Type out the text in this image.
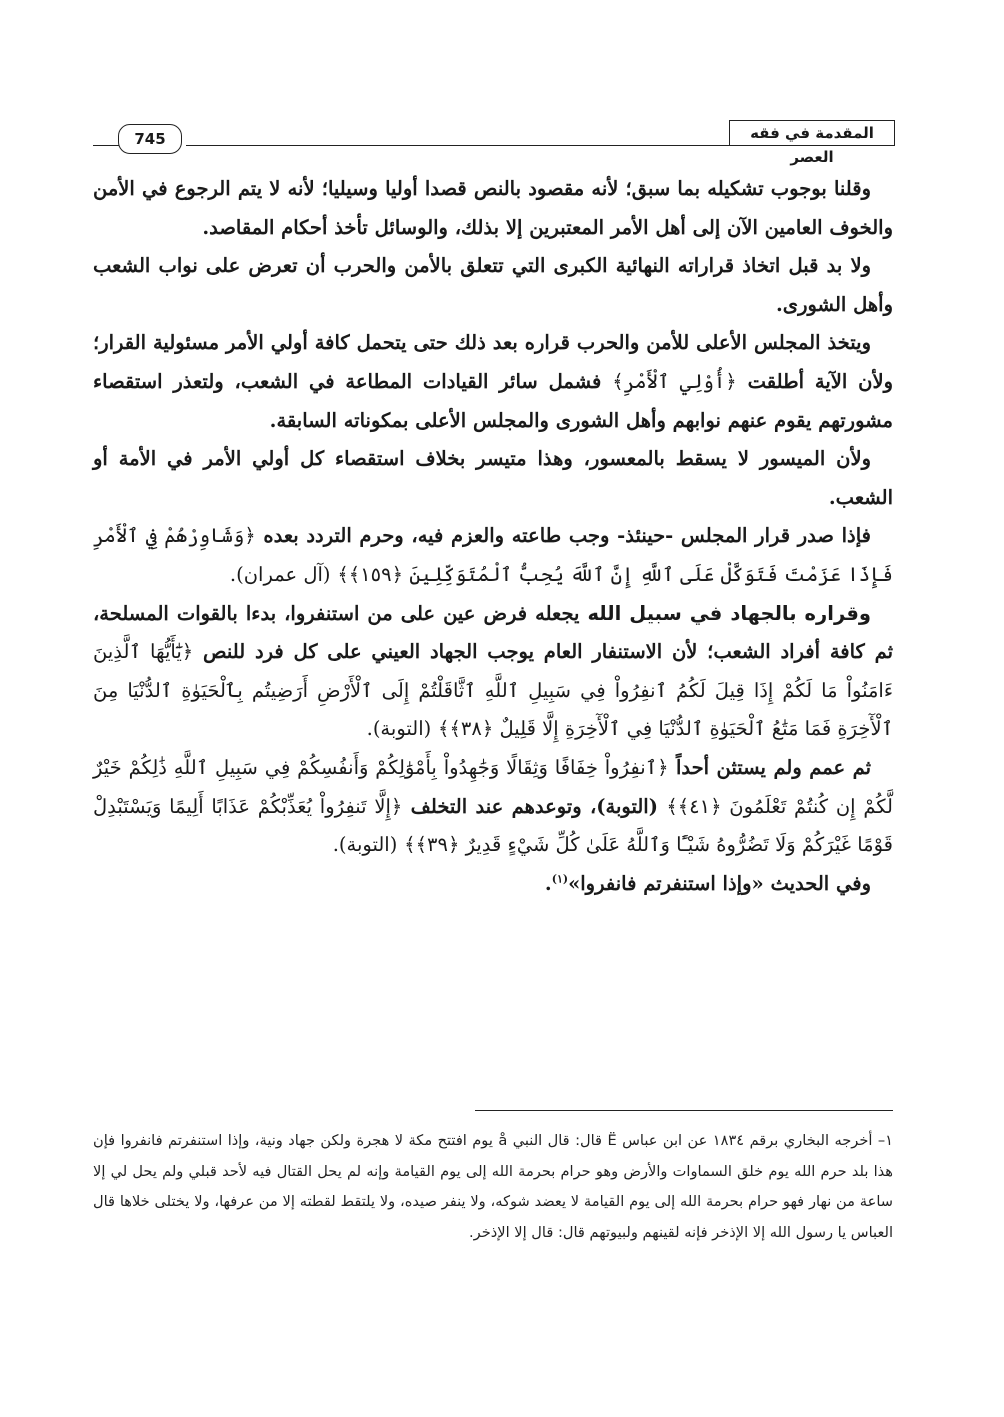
745	المقدمة في فقه العصر

وقلنا بوجوب تشكيله بما سبق؛ لأنه مقصود بالنص قصدا أوليا وسيليا؛ لأنه لا يتم الرجوع في الأمن والخوف العامين الآن إلى أهل الأمر المعتبرين إلا بذلك، والوسائل تأخذ أحكام المقاصد.

ولا بد قبل اتخاذ قراراته النهائية الكبرى التي تتعلق بالأمن والحرب أن تعرض على نواب الشعب وأهل الشورى.

ويتخذ المجلس الأعلى للأمن والحرب قراره بعد ذلك حتى يتحمل كافة أولي الأمر مسئولية القرار؛ ولأن الآية أطلقت ﴿أُوْلِي ٱلْأَمْرِ﴾ فشمل سائر القيادات المطاعة في الشعب، ولتعذر استقصاء مشورتهم يقوم عنهم نوابهم وأهل الشورى والمجلس الأعلى بمكوناته السابقة.

ولأن الميسور لا يسقط بالمعسور، وهذا متيسر بخلاف استقصاء كل أولي الأمر في الأمة أو الشعب.

فإذا صدر قرار المجلس -حينئذ- وجب طاعته والعزم فيه، وحرم التردد بعده ﴿وَشَاوِرْهُمْ فِي ٱلْأَمْرِ فَإِذَا عَزَمْتَ فَتَوَكَّلْ عَلَى ٱللَّهِ إِنَّ ٱللَّهَ يُحِبُّ ٱلْمُتَوَكِّلِينَ ﴿١٥٩﴾﴾ (آل عمران).

وقراره بالجهاد في سبيل الله يجعله فرض عين على من استنفروا، بدءا بالقوات المسلحة، ثم كافة أفراد الشعب؛ لأن الاستنفار العام يوجب الجهاد العيني على كل فرد للنص ﴿يَٰٓأَيُّهَا ٱلَّذِينَ ءَامَنُواْ مَا لَكُمْ إِذَا قِيلَ لَكُمُ ٱنفِرُواْ فِي سَبِيلِ ٱللَّهِ ٱثَّاقَلْتُمْ إِلَى ٱلْأَرْضِ أَرَضِيتُم بِٱلْحَيَوٰةِ ٱلدُّنْيَا مِنَ ٱلْأٓخِرَةِ فَمَا مَتَٰعُ ٱلْحَيَوٰةِ ٱلدُّنْيَا فِي ٱلْأٓخِرَةِ إِلَّا قَلِيلٌ ﴿٣٨﴾﴾ (التوبة).

ثم عمم ولم يستثن أحداً ﴿ٱنفِرُواْ خِفَافًا وَثِقَالًا وَجَٰهِدُواْ بِأَمْوَٰلِكُمْ وَأَنفُسِكُمْ فِي سَبِيلِ ٱللَّهِ ذَٰلِكُمْ خَيْرٌ لَّكُمْ إِن كُنتُمْ تَعْلَمُونَ ﴿٤١﴾﴾ (التوبة)، وتوعدهم عند التخلف ﴿إِلَّا تَنفِرُواْ يُعَذِّبْكُمْ عَذَابًا أَلِيمًا وَيَسْتَبْدِلْ قَوْمًا غَيْرَكُمْ وَلَا تَضُرُّوهُ شَيْـًٔا وَٱللَّهُ عَلَىٰ كُلِّ شَيْءٍ قَدِيرٌ ﴿٣٩﴾﴾ (التوبة).

وفي الحديث «وإذا استنفرتم فانفروا»$^{(١)}$.

١– أخرجه البخاري برقم ١٨٣٤ عن ابن عباس Ë قال: قال النبي å يوم افتتح مكة لا هجرة ولكن جهاد ونية، وإذا استنفرتم فانفروا فإن هذا بلد حرم الله يوم خلق السماوات والأرض وهو حرام بحرمة الله إلى يوم القيامة وإنه لم يحل القتال فيه لأحد قبلي ولم يحل لي إلا ساعة من نهار فهو حرام بحرمة الله إلى يوم القيامة لا يعضد شوكه، ولا ينفر صيده، ولا يلتقط لقطته إلا من عرفها، ولا يختلى خلاها قال العباس يا رسول الله إلا الإذخر فإنه لقينهم ولبيوتهم قال: قال إلا الإذخر.
